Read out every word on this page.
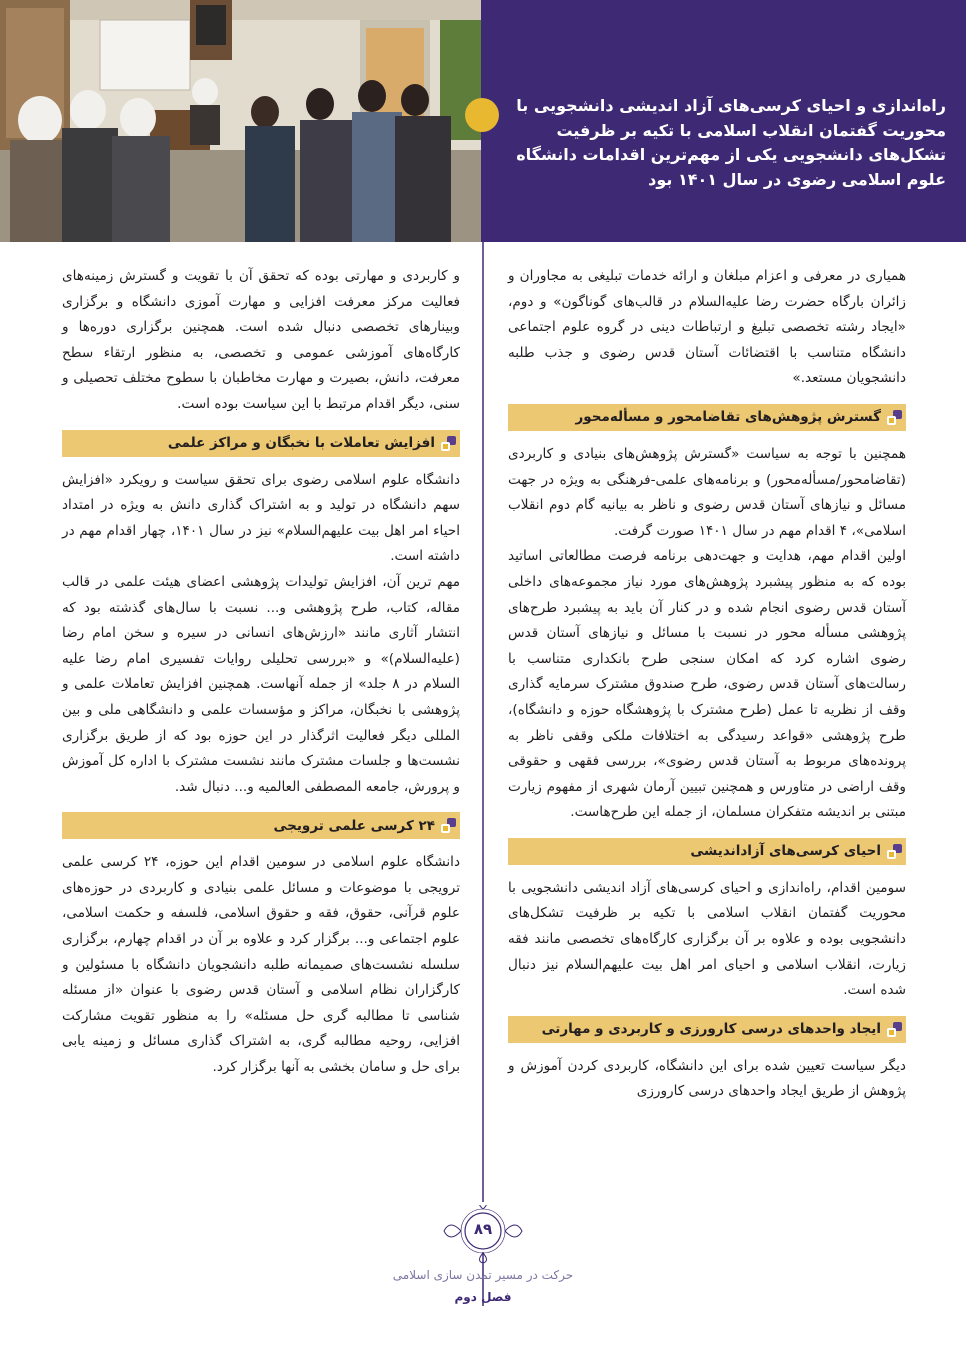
راه‌اندازی و احیای کرسی‌های آزاد اندیشی دانشجویی با محوریت گفتمان انقلاب اسلامی با تکیه بر ظرفیت تشکل‌های دانشجویی یکی از مهم‌ترین اقدامات دانشگاه علوم اسلامی رضوی در سال ۱۴۰۱ بود

همیاری در معرفی و اعزام مبلغان و ارائه خدمات تبلیغی به مجاوران و زائران بارگاه حضرت رضا علیه‌السلام در قالب‌های گوناگون» و دوم، «ایجاد رشته تخصصی تبلیغ و ارتباطات دینی در گروه علوم اجتماعی دانشگاه متناسب با اقتضائات آستان قدس رضوی و جذب طلبه دانشجویان مستعد.»

گسترش پژوهش‌های تقاضامحور و مسأله‌محور

همچنین با توجه به سیاست «گسترش پژوهش‌های بنیادی و کاربردی (تقاضامحور/مسأله‌محور) و برنامه‌های علمی-فرهنگی به ویژه در جهت مسائل و نیازهای آستان قدس رضوی و ناظر به بیانیه گام دوم انقلاب اسلامی»، ۴ اقدام مهم در سال ۱۴۰۱ صورت گرفت.

اولین اقدام مهم، هدایت و جهت‌دهی برنامه فرصت مطالعاتی اساتید بوده که به منظور پیشبرد پژوهش‌های مورد نیاز مجموعه‌های داخلی آستان قدس رضوی انجام شده و در کنار آن باید به پیشبرد طرح‌های پژوهشی مسأله محور در نسبت با مسائل و نیازهای آستان قدس رضوی اشاره کرد که امکان سنجی طرح بانکداری متناسب با رسالت‌های آستان قدس رضوی، طرح صندوق مشترک سرمایه گذاری وقف از نظریه تا عمل (طرح مشترک با پژوهشگاه حوزه و دانشگاه)، طرح پژوهشی «قواعد رسیدگی به اختلافات ملکی وقفی ناظر به پرونده‌های مربوط به آستان قدس رضوی»، بررسی فقهی و حقوقی وقف اراضی در متاورس و همچنین تبیین آرمان شهری از مفهوم زیارت مبتنی بر اندیشه متفکران مسلمان، از جمله این طرح‌هاست.

احیای کرسی‌های آزاداندیشی

سومین اقدام، راه‌اندازی و احیای کرسی‌های آزاد اندیشی دانشجویی با محوریت گفتمان انقلاب اسلامی با تکیه بر ظرفیت تشکل‌های دانشجویی بوده و علاوه بر آن برگزاری کارگاه‌های تخصصی مانند فقه زیارت، انقلاب اسلامی و احیای امر اهل بیت علیهم‌السلام نیز دنبال شده است.

ایجاد واحدهای درسی کارورزی و کاربردی و مهارتی

دیگر سیاست تعیین شده برای این دانشگاه، کاربردی کردن آموزش و پژوهش از طریق ایجاد واحدهای درسی کارورزی

و کاربردی و مهارتی بوده که تحقق آن با تقویت و گسترش زمینه‌های فعالیت مرکز معرفت افزایی و مهارت آموزی دانشگاه و برگزاری وبینارهای تخصصی دنبال شده است. همچنین برگزاری دوره‌ها و کارگاه‌های آموزشی عمومی و تخصصی، به منظور ارتقاء سطح معرفت، دانش، بصیرت و مهارت مخاطبان با سطوح مختلف تحصیلی و سنی، دیگر اقدام مرتبط با این سیاست بوده است.

افزایش تعاملات با نخبگان و مراکز علمی

دانشگاه علوم اسلامی رضوی برای تحقق سیاست و رویکرد «افزایش سهم دانشگاه در تولید و به اشتراک گذاری دانش به ویژه در امتداد احیاء امر اهل بیت علیهم‌السلام» نیز در سال ۱۴۰۱، چهار اقدام مهم در داشته است.

مهم ترین آن، افزایش تولیدات پژوهشی اعضای هیئت علمی در قالب مقاله، کتاب، طرح پژوهشی و... نسبت با سال‌های گذشته بود که انتشار آثاری مانند «ارزش‌های انسانی در سیره و سخن امام رضا (علیه‌السلام)» و «بررسی تحلیلی روایات تفسیری امام رضا علیه السلام در ۸ جلد» از جمله آنهاست. همچنین افزایش تعاملات علمی و پژوهشی با نخبگان، مراکز و مؤسسات علمی و دانشگاهی ملی و بین المللی دیگر فعالیت اثرگذار در این حوزه بود که از طریق برگزاری نشست‌ها و جلسات مشترک مانند نشست مشترک با اداره کل آموزش و پرورش، جامعه المصطفی العالمیه و... دنبال شد.

۲۴ کرسی علمی ترویجی

دانشگاه علوم اسلامی در سومین اقدام این حوزه، ۲۴ کرسی علمی ترویجی با موضوعات و مسائل علمی بنیادی و کاربردی در حوزه‌های علوم قرآنی، حقوق، فقه و حقوق اسلامی، فلسفه و حکمت اسلامی، علوم اجتماعی و... برگزار کرد و علاوه بر آن در اقدام چهارم، برگزاری سلسله نشست‌های صمیمانه طلبه دانشجویان دانشگاه با مسئولین و کارگزاران نظام اسلامی و آستان قدس رضوی با عنوان «از مسئله شناسی تا مطالبه گری حل مسئله» را به منظور تقویت مشارکت افزایی، روحیه مطالبه گری، به اشتراک گذاری مسائل و زمینه یابی برای حل و سامان بخشی به آنها برگزار کرد.

۸۹
حرکت در مسیر تمدن سازی اسلامی
فصل دوم
